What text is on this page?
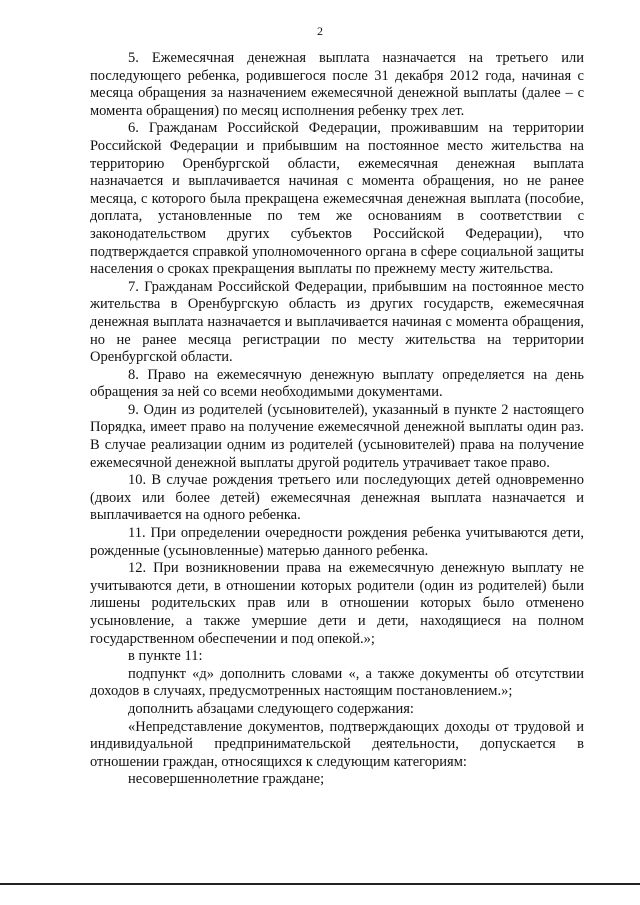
2

5. Ежемесячная денежная выплата назначается на третьего или последующего ребенка, родившегося после 31 декабря 2012 года, начиная с месяца обращения за назначением ежемесячной денежной выплаты (далее – с момента обращения) по месяц исполнения ребенку трех лет.

6. Гражданам Российской Федерации, проживавшим на территории Российской Федерации и прибывшим на постоянное место жительства на территорию Оренбургской области, ежемесячная денежная выплата назначается и выплачивается начиная с момента обращения, но не ранее месяца, с которого была прекращена ежемесячная денежная выплата (пособие, доплата, установленные по тем же основаниям в соответствии с законодательством других субъектов Российской Федерации), что подтверждается справкой уполномоченного органа в сфере социальной защиты населения о сроках прекращения выплаты по прежнему месту жительства.

7. Гражданам Российской Федерации, прибывшим на постоянное место жительства в Оренбургскую область из других государств, ежемесячная денежная выплата назначается и выплачивается начиная с момента обращения, но не ранее месяца регистрации по месту жительства на территории Оренбургской области.

8. Право на ежемесячную денежную выплату определяется на день обращения за ней со всеми необходимыми документами.

9. Один из родителей (усыновителей), указанный в пункте 2 настоящего Порядка, имеет право на получение ежемесячной денежной выплаты один раз. В случае реализации одним из родителей (усыновителей) права на получение ежемесячной денежной выплаты другой родитель утрачивает такое право.

10. В случае рождения третьего или последующих детей одновременно (двоих или более детей) ежемесячная денежная выплата назначается и выплачивается на одного ребенка.

11. При определении очередности рождения ребенка учитываются дети, рожденные (усыновленные) матерью данного ребенка.

12. При возникновении права на ежемесячную денежную выплату не учитываются дети, в отношении которых родители (один из родителей) были лишены родительских прав или в отношении которых было отменено усыновление, а также умершие дети и дети, находящиеся на полном государственном обеспечении и под опекой.»;

в пункте 11:

подпункт «д» дополнить словами «, а также документы об отсутствии доходов в случаях, предусмотренных настоящим постановлением.»;

дополнить абзацами следующего содержания:

«Непредставление документов, подтверждающих доходы от трудовой и индивидуальной предпринимательской деятельности, допускается в отношении граждан, относящихся к следующим категориям:

несовершеннолетние граждане;
